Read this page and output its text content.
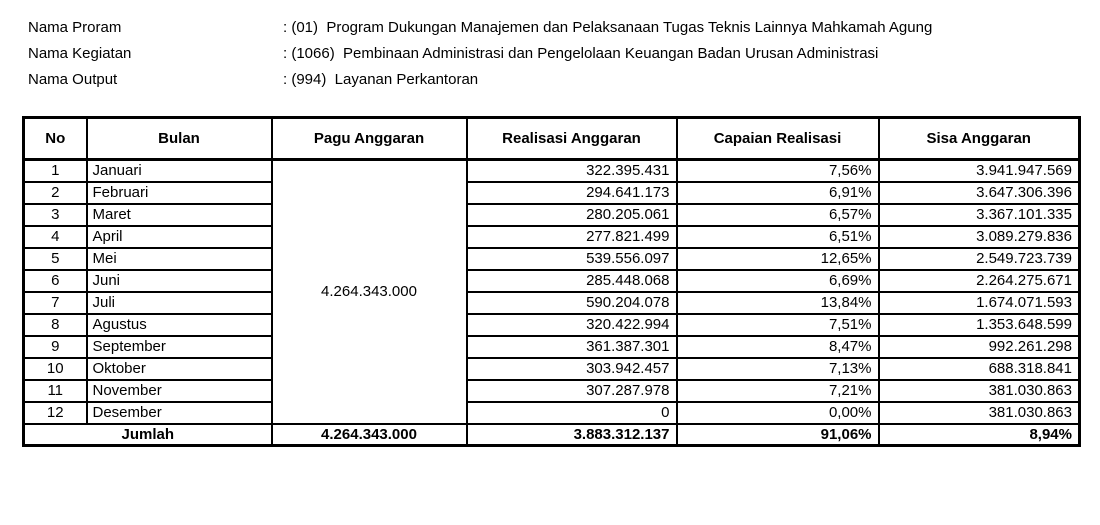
Nama Proram	: (01)  Program Dukungan Manajemen dan Pelaksanaan Tugas Teknis Lainnya Mahkamah Agung
Nama Kegiatan	: (1066)  Pembinaan Administrasi dan Pengelolaan Keuangan Badan Urusan Administrasi
Nama Output	: (994)  Layanan Perkantoran
No	Bulan	Pagu Anggaran	Realisasi Anggaran	Capaian Realisasi	Sisa Anggaran
1	Januari	4.264.343.000	322.395.431	7,56%	3.941.947.569
2	Februari		294.641.173	6,91%	3.647.306.396
3	Maret		280.205.061	6,57%	3.367.101.335
4	April		277.821.499	6,51%	3.089.279.836
5	Mei		539.556.097	12,65%	2.549.723.739
6	Juni		285.448.068	6,69%	2.264.275.671
7	Juli		590.204.078	13,84%	1.674.071.593
8	Agustus		320.422.994	7,51%	1.353.648.599
9	September		361.387.301	8,47%	992.261.298
10	Oktober		303.942.457	7,13%	688.318.841
11	November		307.287.978	7,21%	381.030.863
12	Desember		0	0,00%	381.030.863
Jumlah		4.264.343.000	3.883.312.137	91,06%	8,94%
